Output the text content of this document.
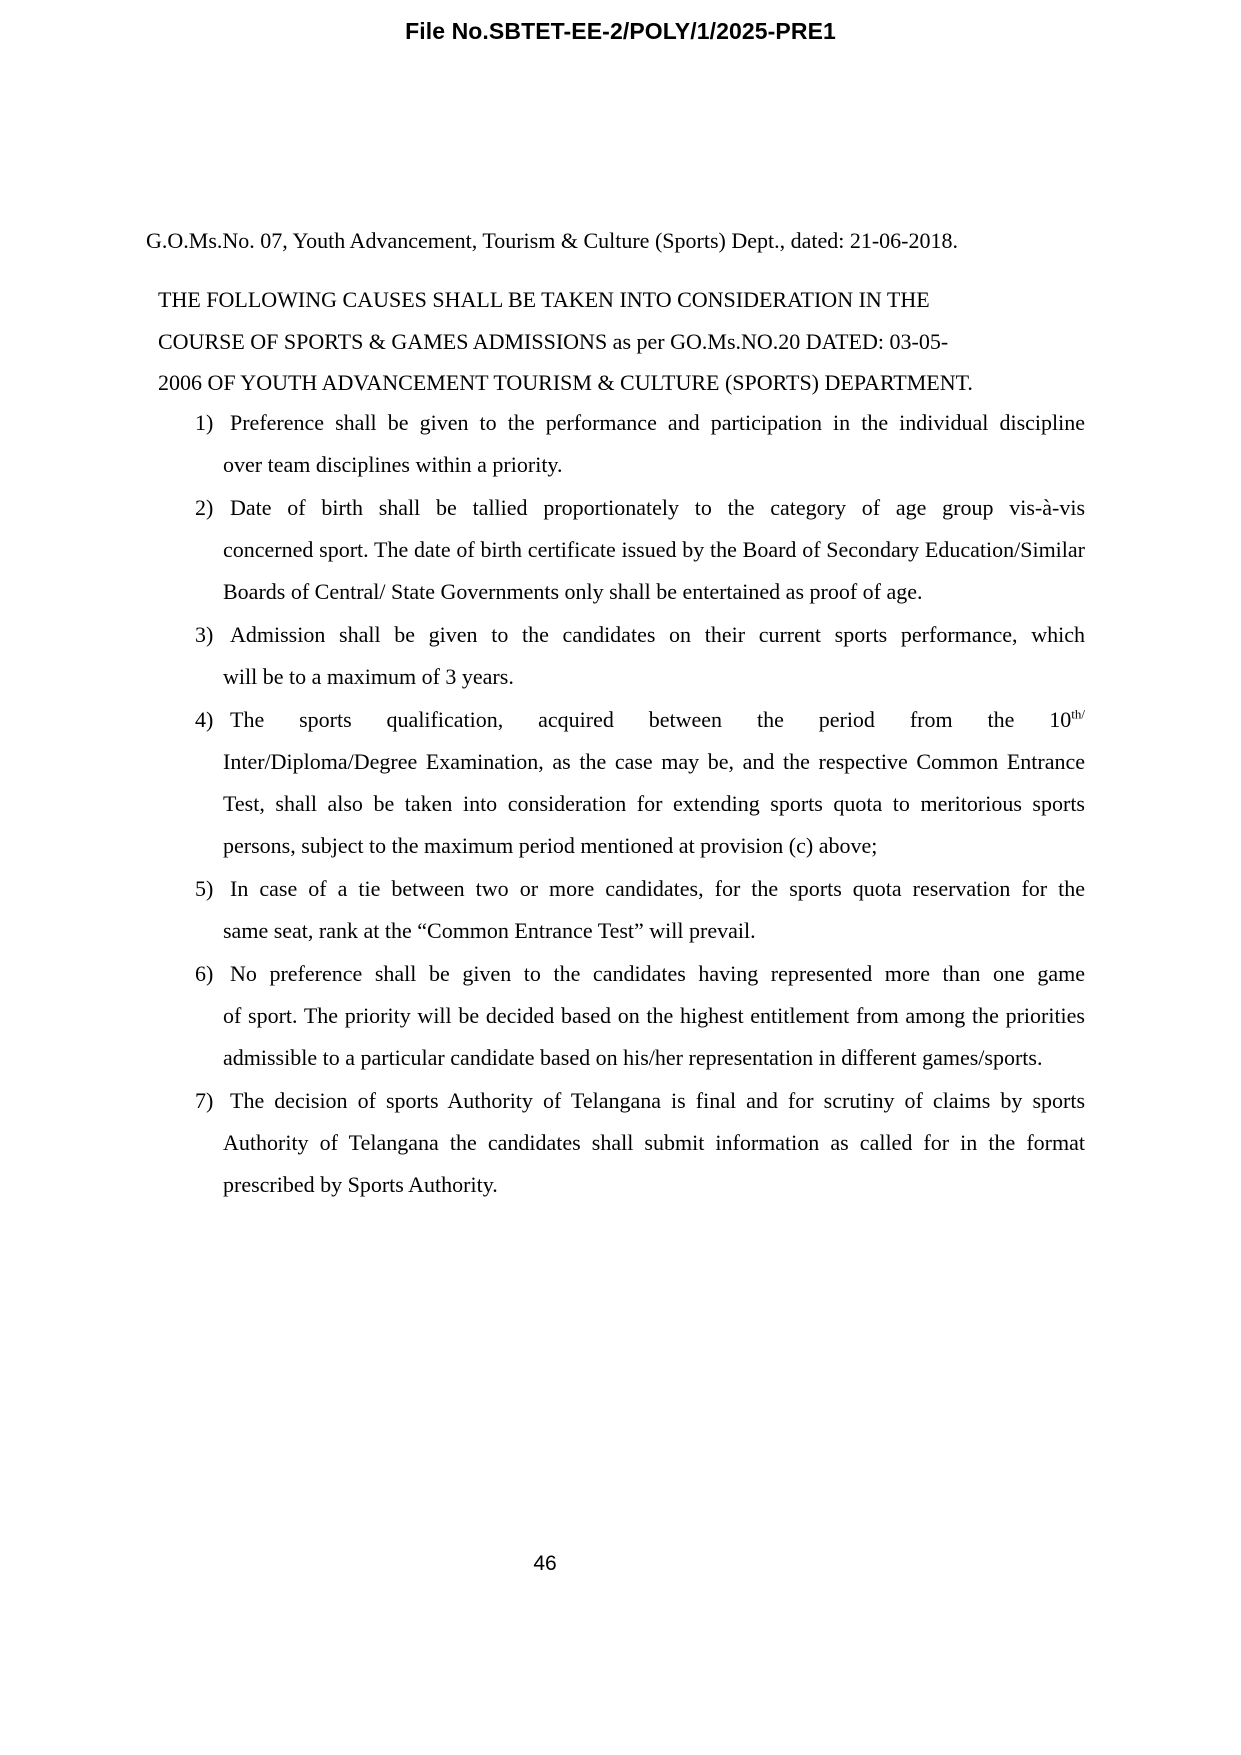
File No.SBTET-EE-2/POLY/1/2025-PRE1
G.O.Ms.No. 07, Youth Advancement, Tourism & Culture (Sports) Dept., dated: 21-06-2018.
THE FOLLOWING CAUSES SHALL BE TAKEN INTO CONSIDERATION IN THE
COURSE OF SPORTS & GAMES ADMISSIONS as per GO.Ms.NO.20 DATED: 03-05-
2006 OF YOUTH ADVANCEMENT TOURISM & CULTURE (SPORTS) DEPARTMENT.
1) Preference shall be given to the performance and participation in the individual discipline
over team disciplines within a priority.
2) Date of birth shall be tallied proportionately to the category of age group vis-à-vis
concerned sport. The date of birth certificate issued by the Board of Secondary Education/Similar Boards of Central/ State Governments only shall be entertained as proof of age.
3) Admission shall be given to the candidates on their current sports performance, which
will be to a maximum of 3 years.
4) The sports qualification, acquired between the period from the $10^{th/}$
Inter/Diploma/Degree Examination, as the case may be, and the respective Common Entrance Test, shall also be taken into consideration for extending sports quota to meritorious sports persons, subject to the maximum period mentioned at provision (c) above;
5) In case of a tie between two or more candidates, for the sports quota reservation for the
same seat, rank at the “Common Entrance Test” will prevail.
6) No preference shall be given to the candidates having represented more than one game
of sport. The priority will be decided based on the highest entitlement from among the priorities admissible to a particular candidate based on his/her representation in different games/sports.
7) The decision of sports Authority of Telangana is final and for scrutiny of claims by sports
Authority of Telangana the candidates shall submit information as called for in the format prescribed by Sports Authority.
46
